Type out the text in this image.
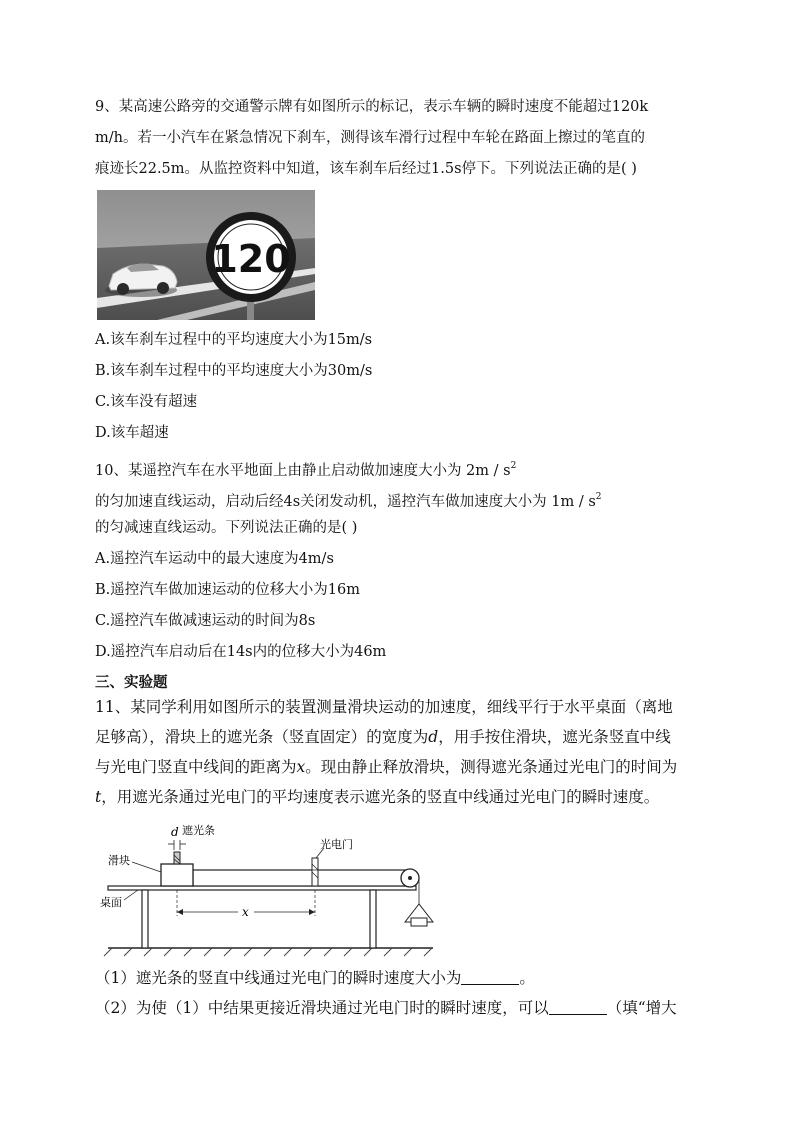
9、某高速公路旁的交通警示牌有如图所示的标记，表示车辆的瞬时速度不能超过120k
m/h。若一小汽车在紧急情况下刹车，测得该车滑行过程中车轮在路面上擦过的笔直的
痕迹长22.5m。从监控资料中知道，该车刹车后经过1.5s停下。下列说法正确的是( )
120
A.该车刹车过程中的平均速度大小为15m/s
B.该车刹车过程中的平均速度大小为30m/s
C.该车没有超速
D.该车超速
10、某遥控汽车在水平地面上由静止启动做加速度大小为 $2m / s^2$
的匀加速直线运动，启动后经4s关闭发动机，遥控汽车做加速度大小为 $1m / s^2$
的匀减速直线运动。下列说法正确的是( )
A.遥控汽车运动中的最大速度为4m/s
B.遥控汽车做加速运动的位移大小为16m
C.遥控汽车做减速运动的时间为8s
D.遥控汽车启动后在14s内的位移大小为46m
三、实验题
11、某同学利用如图所示的装置测量滑块运动的加速度，细线平行于水平桌面（离地
足够高），滑块上的遮光条（竖直固定）的宽度为d，用手按住滑块，遮光条竖直中线
与光电门竖直中线间的距离为x。现由静止释放滑块，测得遮光条通过光电门的时间为
t，用遮光条通过光电门的平均速度表示遮光条的竖直中线通过光电门的瞬时速度。
d 遮光条
光电门
x
滑块
桌面
（1）遮光条的竖直中线通过光电门的瞬时速度大小为	。
（2）为使（1）中结果更接近滑块通过光电门时的瞬时速度，可以	（填“增大
